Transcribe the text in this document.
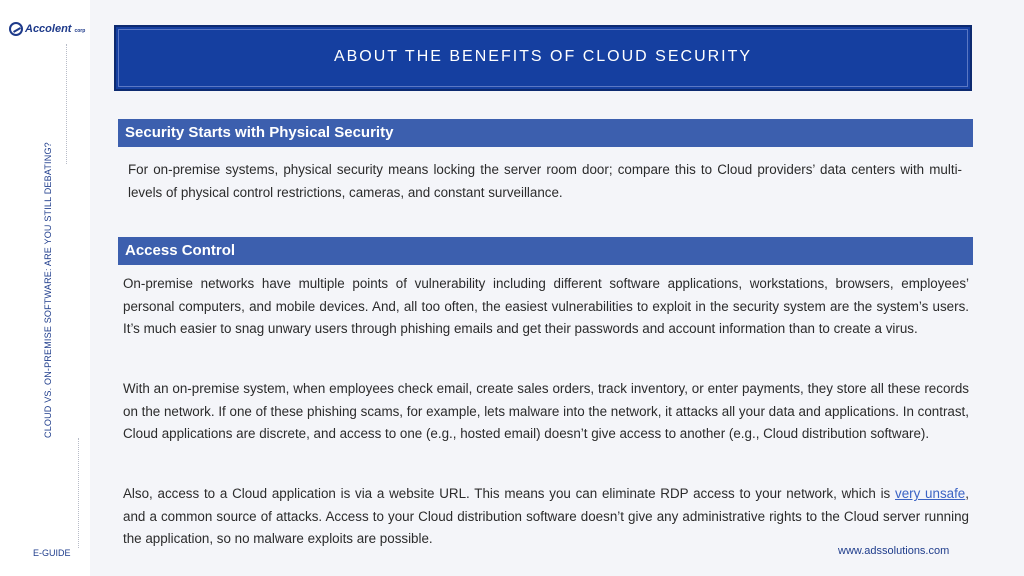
Accolent corp
CLOUD VS. ON-PREMISE SOFTWARE: ARE YOU STILL DEBATING?
E-GUIDE
ABOUT THE BENEFITS OF CLOUD SECURITY
Security Starts with Physical Security
For on-premise systems, physical security means locking the server room door; compare this to Cloud providers’ data centers with multi-levels of physical control restrictions, cameras, and constant surveillance.
Access Control
On-premise networks have multiple points of vulnerability including different software applications, workstations, browsers, employees’ personal computers, and mobile devices. And, all too often, the easiest vulnerabilities to exploit in the security system are the system’s users. It’s much easier to snag unwary users through phishing emails and get their passwords and account information than to create a virus.
With an on-premise system, when employees check email, create sales orders, track inventory, or enter payments, they store all these records on the network. If one of these phishing scams, for example, lets malware into the network, it attacks all your data and applications. In contrast, Cloud applications are discrete, and access to one (e.g., hosted email) doesn’t give access to another (e.g., Cloud distribution software).
Also, access to a Cloud application is via a website URL. This means you can eliminate RDP access to your network, which is very unsafe, and a common source of attacks. Access to your Cloud distribution software doesn’t give any administrative rights to the Cloud server running the application, so no malware exploits are possible.
www.adssolutions.com
